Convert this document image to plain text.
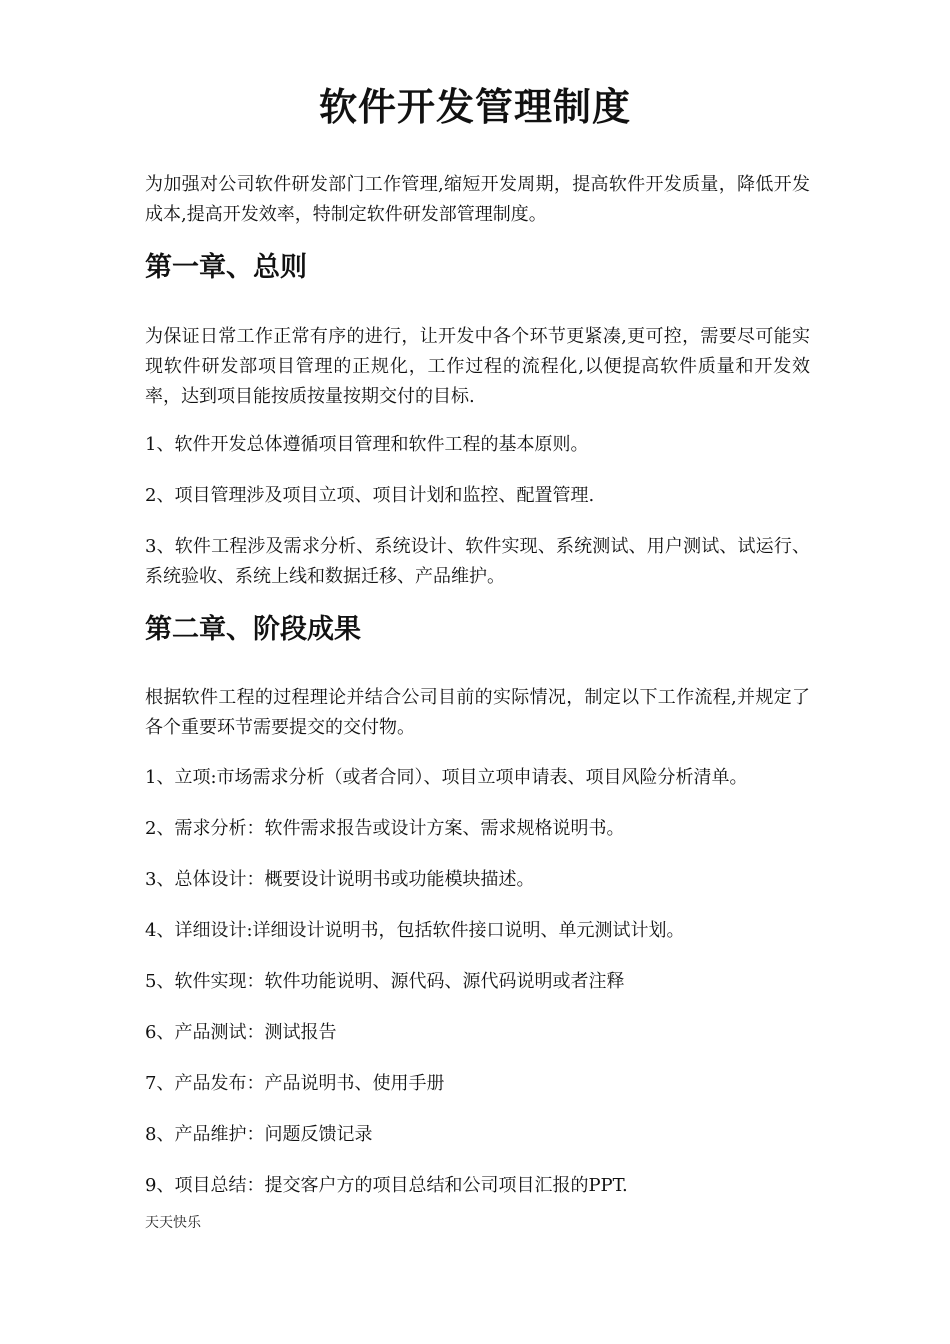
软件开发管理制度

为加强对公司软件研发部门工作管理,缩短开发周期，提高软件开发质量，降低开发成本,提高开发效率，特制定软件研发部管理制度。

第一章、总则

为保证日常工作正常有序的进行，让开发中各个环节更紧凑,更可控，需要尽可能实现软件研发部项目管理的正规化，工作过程的流程化,以便提高软件质量和开发效率，达到项目能按质按量按期交付的目标.

1、软件开发总体遵循项目管理和软件工程的基本原则。

2、项目管理涉及项目立项、项目计划和监控、配置管理.

3、软件工程涉及需求分析、系统设计、软件实现、系统测试、用户测试、试运行、系统验收、系统上线和数据迁移、产品维护。

第二章、阶段成果

根据软件工程的过程理论并结合公司目前的实际情况，制定以下工作流程,并规定了各个重要环节需要提交的交付物。

1、立项:市场需求分析（或者合同）、项目立项申请表、项目风险分析清单。

2、需求分析：软件需求报告或设计方案、需求规格说明书。

3、总体设计：概要设计说明书或功能模块描述。

4、详细设计:详细设计说明书，包括软件接口说明、单元测试计划。

5、软件实现：软件功能说明、源代码、源代码说明或者注释

6、产品测试：测试报告

7、产品发布：产品说明书、使用手册

8、产品维护：问题反馈记录

9、项目总结：提交客户方的项目总结和公司项目汇报的PPT.

天天快乐
